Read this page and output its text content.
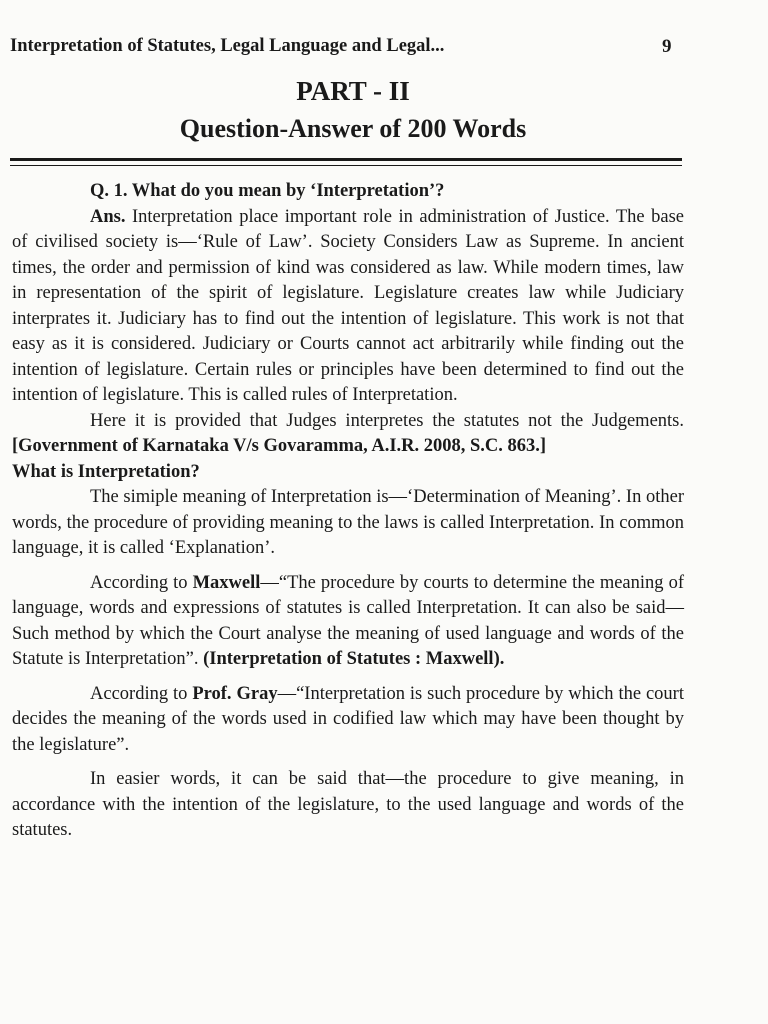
Interpretation of Statutes, Legal Language and Legal...	9
PART - II
Question-Answer of 200 Words

Q. 1. What do you mean by ‘Interpretation’?

Ans. Interpretation place important role in administration of Justice. The base of civilised society is—‘Rule of Law’. Society Considers Law as Supreme. In ancient times, the order and permission of kind was considered as law. While modern times, law in representation of the spirit of legislature. Legislature creates law while Judiciary interprates it. Judiciary has to find out the intention of legislature. This work is not that easy as it is considered. Judiciary or Courts cannot act arbitrarily while finding out the intention of legislature. Certain rules or principles have been determined to find out the intention of legislature. This is called rules of Interpretation.

Here it is provided that Judges interpretes the statutes not the Judgements. [Government of Karnataka V/s Govaramma, A.I.R. 2008, S.C. 863.]

What is Interpretation?

The simiple meaning of Interpretation is—‘Determination of Meaning’. In other words, the procedure of providing meaning to the laws is called Interpretation. In common language, it is called ‘Explanation’.

According to Maxwell—“The procedure by courts to determine the meaning of language, words and expressions of statutes is called Interpretation. It can also be said—Such method by which the Court analyse the meaning of used language and words of the Statute is Interpretation”. (Interpretation of Statutes : Maxwell).

According to Prof. Gray—“Interpretation is such procedure by which the court decides the meaning of the words used in codified law which may have been thought by the legislature”.

In easier words, it can be said that—the procedure to give meaning, in accordance with the intention of the legislature, to the used language and words of the statutes.
